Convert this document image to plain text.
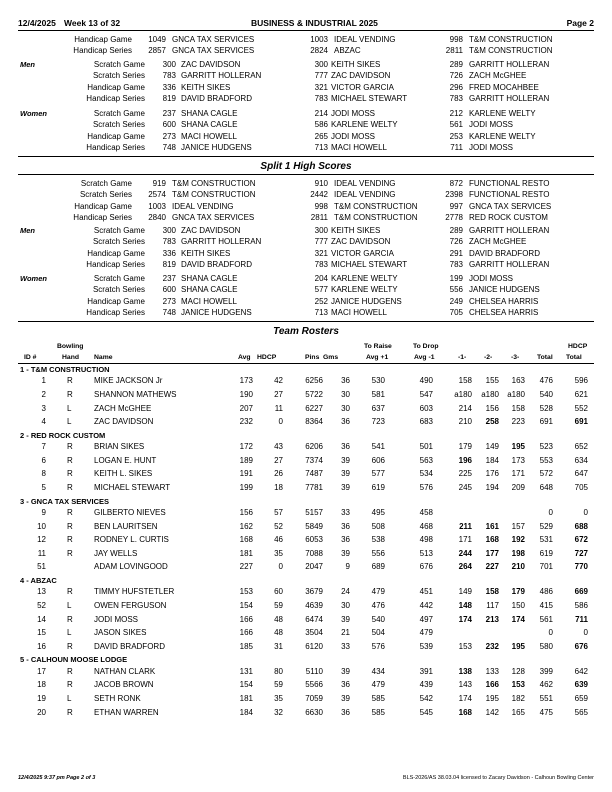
12/4/2025 Week 13 of 32	BUSINESS & INDUSTRIAL 2025	Page 2
Handicap Game 1049 GNCA TAX SERVICES	1003 IDEAL VENDING	998 T&M CONSTRUCTION
Handicap Series 2857 GNCA TAX SERVICES	2824 ABZAC	2811 T&M CONSTRUCTION
Men	Scratch Game 300 ZAC DAVIDSON	300 KEITH SIKES	289 GARRITT HOLLERAN
Scratch Series 783 GARRITT HOLLERAN	777 ZAC DAVIDSON	726 ZACH McGHEE
Handicap Game 336 KEITH SIKES	321 VICTOR GARCIA	296 FRED MOCAHBEE
Handicap Series 819 DAVID BRADFORD	783 MICHAEL STEWART	783 GARRITT HOLLERAN
Women	Scratch Game 237 SHANA CAGLE	214 JODI MOSS	212 KARLENE WELTY
Scratch Series 600 SHANA CAGLE	586 KARLENE WELTY	561 JODI MOSS
Handicap Game 273 MACI HOWELL	265 JODI MOSS	253 KARLENE WELTY
Handicap Series 748 JANICE HUDGENS	713 MACI HOWELL	711 JODI MOSS
Split 1 High Scores
Scratch Game	919 T&M CONSTRUCTION	910 IDEAL VENDING	872 FUNCTIONAL RESTO
Scratch Series 2574 T&M CONSTRUCTION	2442 IDEAL VENDING	2398 FUNCTIONAL RESTO
Handicap Game 1003 IDEAL VENDING	998 T&M CONSTRUCTION	997 GNCA TAX SERVICES
Handicap Series 2840 GNCA TAX SERVICES	2811 T&M CONSTRUCTION	2778 RED ROCK CUSTOM
Men	Scratch Game 300 ZAC DAVIDSON	300 KEITH SIKES	289 GARRITT HOLLERAN
Scratch Series 783 GARRITT HOLLERAN	777 ZAC DAVIDSON	726 ZACH McGHEE
Handicap Game 336 KEITH SIKES	321 VICTOR GARCIA	291 DAVID BRADFORD
Handicap Series 819 DAVID BRADFORD	783 MICHAEL STEWART	783 GARRITT HOLLERAN
Women	Scratch Game 237 SHANA CAGLE	204 KARLENE WELTY	199 JODI MOSS
Scratch Series 600 SHANA CAGLE	577 KARLENE WELTY	556 JANICE HUDGENS
Handicap Game 273 MACI HOWELL	252 JANICE HUDGENS	249 CHELSEA HARRIS
Handicap Series 748 JANICE HUDGENS	713 MACI HOWELL	705 CHELSEA HARRIS
Team Rosters
Bowling
ID #	Hand Name	Avg HDCP	Pins Gms
To Raise
Avg +1
To Drop
Avg -1	-1-	-2-	-3-	Total
HDCP
Total
1 - T&M CONSTRUCTION
1	R	MIKE JACKSON Jr	173	42	6256 36	530	490	158 155 163 476	596
2	R	SHANNON MATHEWS	190	27	5722 30	581	547	a180 a180 a180 540	621
3	L	ZACH McGHEE	207	11	6227 30	637	603	214 156 158 528	552
4	L	ZAC DAVIDSON	232	0	8364 36	723	683	210 258 223 691	691
2 - RED ROCK CUSTOM
7	R	BRIAN SIKES	172	43	6206 36	541	501	179 149 195 523	652
6	R	LOGAN E. HUNT	189	27	7374 39	606	563	196 184 173 553	634
8	R	KEITH L. SIKES	191	26	7487 39	577	534	225 176 171 572	647
5	R	MICHAEL STEWART	199	18	7781 39	619	576	245 194 209 648	705
3 - GNCA TAX SERVICES
9	R	GILBERTO NIEVES	156	57	5157 33	495	458	0	0
10	R	BEN LAURITSEN	162	52	5849 36	508	468	211 161 157 529	688
12	R	RODNEY L. CURTIS	168	46	6053 36	538	498	171 168 192 531	672
11	R	JAY WELLS	181	35	7088 39	556	513	244 177 198 619	727
51	ADAM LOVINGOOD	227	0	2047	9	689	676	264 227 210 701	770
4 - ABZAC
13	R	TIMMY HUFSTETLER	153	60	3679 24	479	451	149 158 179 486	669
52	L	OWEN FERGUSON	154	59	4639 30	476	442	148 117 150 415	586
14	R	JODI MOSS	166	48	6474 39	540	497	174 213 174 561	711
15	L	JASON SIKES	166	48	3504 21	504	479	0	0
16	R	DAVID BRADFORD	185	31	6120 33	576	539	153 232 195 580	676
5 - CALHOUN MOOSE LODGE
17	R	NATHAN CLARK	131	80	5110 39	434	391	138 133 128 399	642
18	R	JACOB BROWN	154	59	5566 36	479	439	143 166 153 462	639
19	L	SETH RONK	181	35	7059 39	585	542	174 195 182 551	659
20	R	ETHAN WARREN	184	32	6630 36	585	545	168 142 165 475	565
12/4/2025 9:37 pm Page 2 of 3	BLS-2026/AS 38.03.04 licensed to Zacary Davidson - Calhoun Bowling Center
